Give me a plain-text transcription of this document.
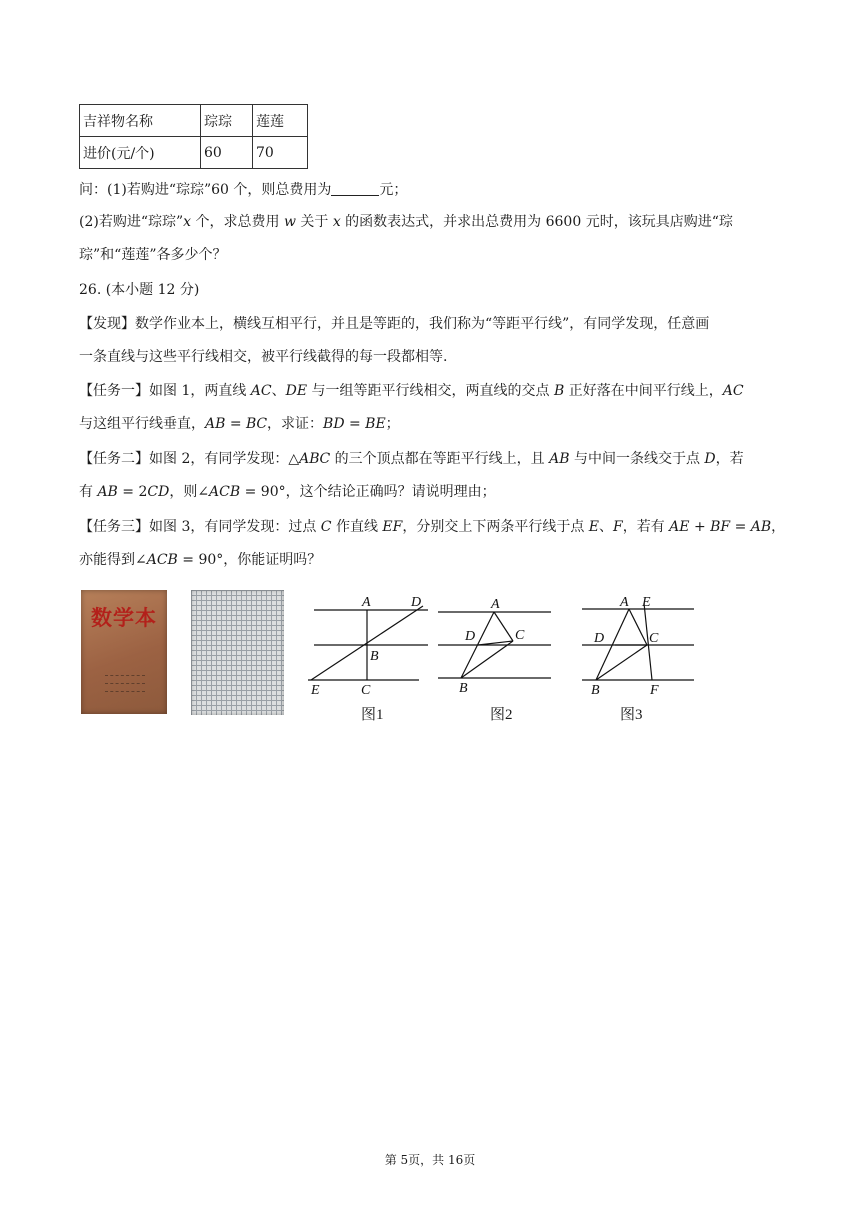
吉祥物名称	琮琮	莲莲
进价(元/个)	60	70
问：(1)若购进“琮琮”60 个，则总费用为	元；
(2)若购进“琮琮”𝑥 个，求总费用 𝑤 关于 𝑥 的函数表达式，并求出总费用为 6600 元时，该玩具店购进“琮
琮”和“莲莲”各多少个？
26. (本小题 12 分)
【发现】数学作业本上，横线互相平行，并且是等距的，我们称为“等距平行线”，有同学发现，任意画
一条直线与这些平行线相交，被平行线截得的每一段都相等.
【任务一】如图 1，两直线 𝐴𝐶、𝐷𝐸 与一组等距平行线相交，两直线的交点 𝐵 正好落在中间平行线上，𝐴𝐶
与这组平行线垂直，𝐴𝐵 = 𝐵𝐶，求证：𝐵𝐷 = 𝐵𝐸；
【任务二】如图 2，有同学发现：△𝐴𝐵𝐶 的三个顶点都在等距平行线上，且 𝐴𝐵 与中间一条线交于点 𝐷，若
有 𝐴𝐵 = 2𝐶𝐷，则∠𝐴𝐶𝐵 = 90°，这个结论正确吗？请说明理由；
【任务三】如图 3，有同学发现：过点 𝐶 作直线 𝐸𝐹，分别交上下两条平行线于点 𝐸、𝐹，若有 𝐴𝐸 + 𝐵𝐹 = 𝐴𝐵，
亦能得到∠𝐴𝐶𝐵 = 90°，你能证明吗？
数学本
A	D
B
E	C
图1
A
D	C
B
图2
A E
D	C
B	F
图3
第 5页，共 16页
